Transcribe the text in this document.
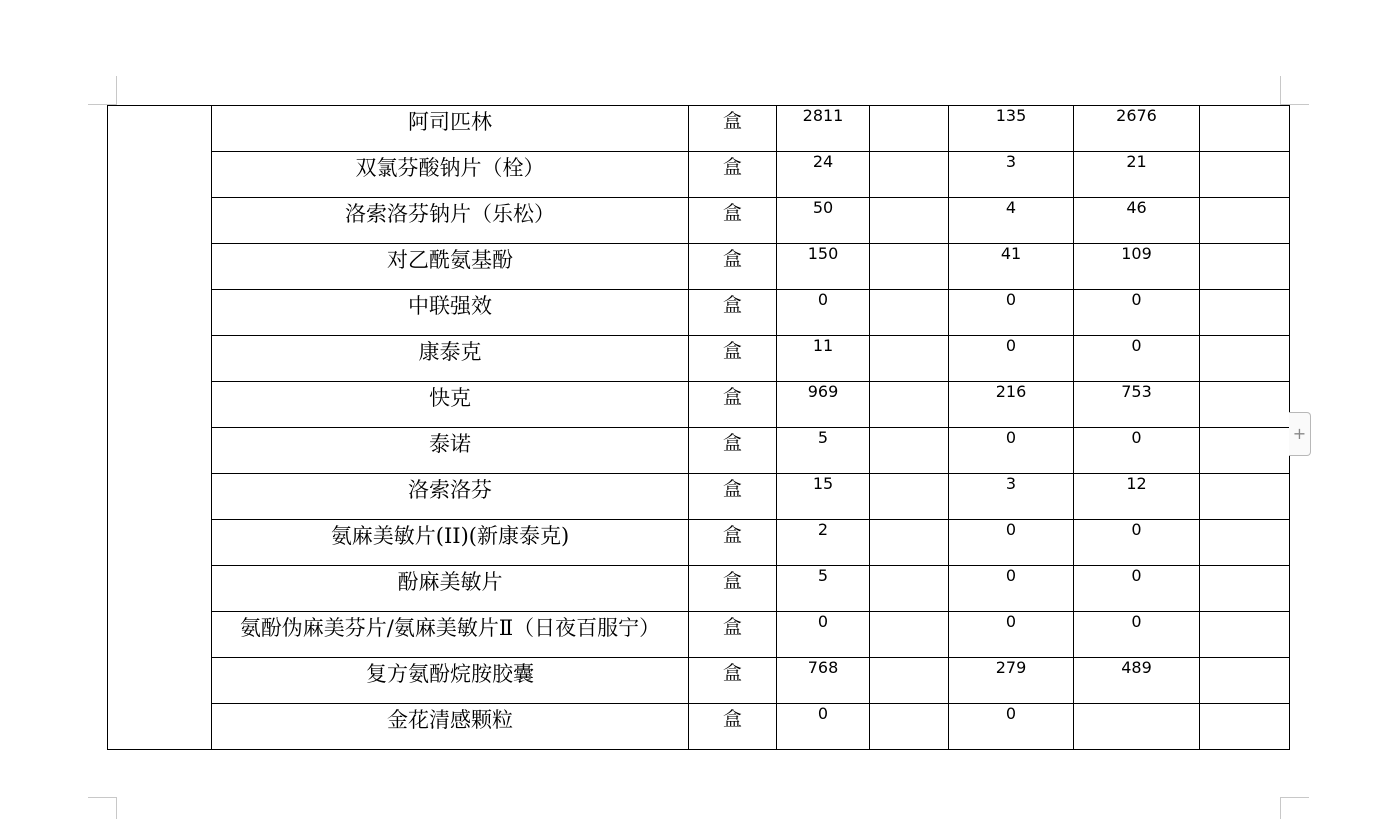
	阿司匹林	盒	2811		135	2676	
	双氯芬酸钠片（栓）	盒	24		3	21	
	洛索洛芬钠片（乐松）	盒	50		4	46	
	对乙酰氨基酚	盒	150		41	109	
	中联强效	盒	0		0	0	
	康泰克	盒	11		0	0	
	快克	盒	969		216	753	
	泰诺	盒	5		0	0	
	洛索洛芬	盒	15		3	12	
	氨麻美敏片(II)(新康泰克)	盒	2		0	0	
	酚麻美敏片	盒	5		0	0	
	氨酚伪麻美芬片/氨麻美敏片Ⅱ（日夜百服宁）	盒	0		0	0	
	复方氨酚烷胺胶囊	盒	768		279	489	
	金花清感颗粒	盒	0		0		
+
